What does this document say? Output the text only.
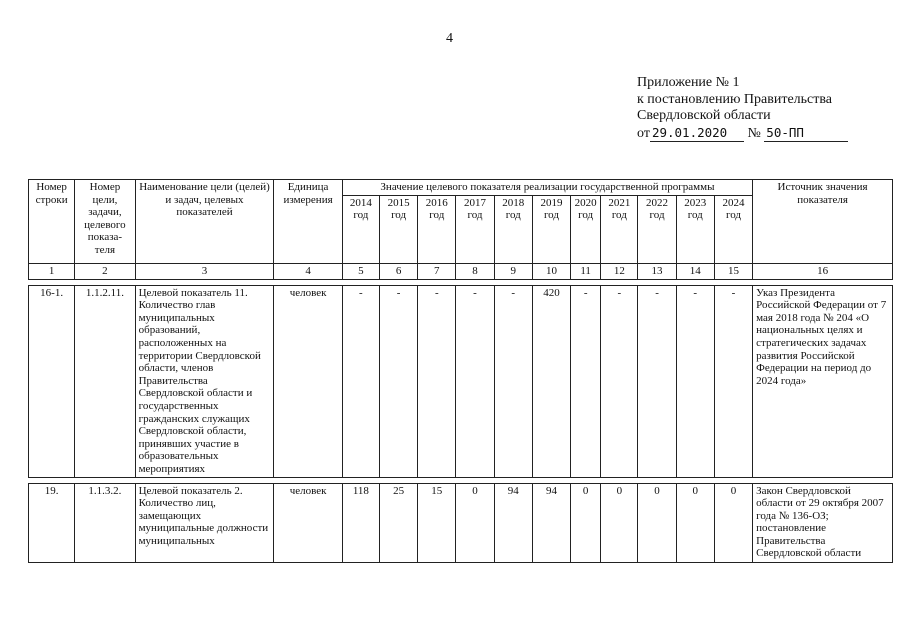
4
Приложение № 1
к постановлению Правительства
Свердловской области
от 29.01.2020 № 50-ПП
Номер строки	Номер цели, задачи, целевого показа-теля	Наименование цели (целей) и задач, целевых показателей	Единица измерения	Значение целевого показателя реализации государственной программы											Источник значения показателя
				2014 год	2015 год	2016 год	2017 год	2018 год	2019 год	2020 год	2021 год	2022 год	2023 год	2024 год	
1	2	3	4	5	6	7	8	9	10	11	12	13	14	15	16

16-1.	1.1.2.11.	Целевой показатель 11. Количество глав муниципальных образований, расположенных на территории Свердловской области, членов Правительства Свердловской области и государственных гражданских служащих Свердловской области, принявших участие в образовательных мероприятиях	человек	-	-	-	-	-	420	-	-	-	-	-	Указ Президента Российской Федерации от 7 мая 2018 года № 204 «О национальных целях и стратегических задачах развития Российской Федерации на период до 2024 года»

19.	1.1.3.2.	Целевой показатель 2. Количество лиц, замещающих муниципальные должности муниципальных	человек	118	25	15	0	94	94	0	0	0	0	0	Закон Свердловской области от 29 октября 2007 года № 136-ОЗ; постановление Правительства Свердловской области
